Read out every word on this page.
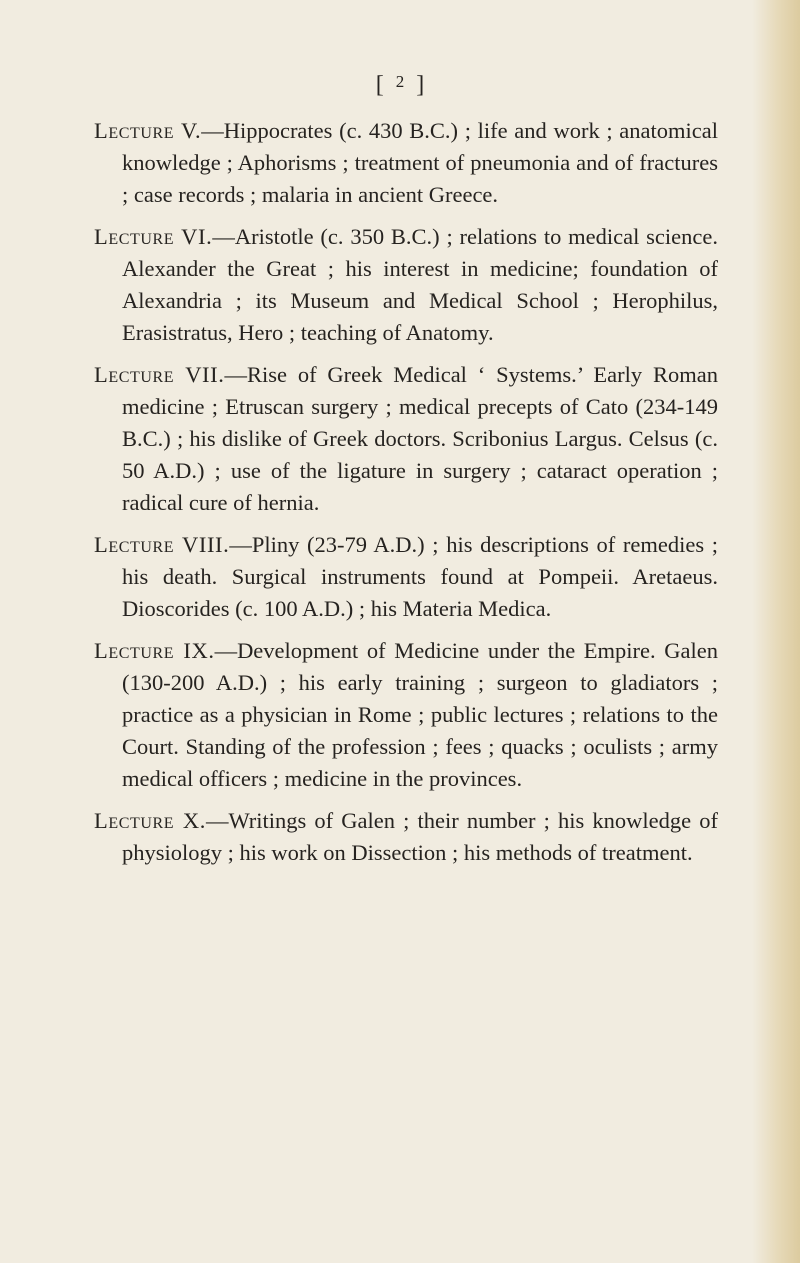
[ $^2$ ]
Lecture V.—Hippocrates (c. 430 B.C.) ; life and work ; anatomical knowledge ; Aphorisms ; treatment of pneumonia and of fractures ; case records ; malaria in ancient Greece.
Lecture VI.—Aristotle (c. 350 B.C.) ; relations to medical science. Alexander the Great ; his interest in medicine; foundation of Alexandria ; its Museum and Medical School ; Herophilus, Erasistratus, Hero ; teaching of Anatomy.
Lecture VII.—Rise of Greek Medical ‘ Systems.’ Early Roman medicine ; Etruscan surgery ; medical precepts of Cato (234-149 B.C.) ; his dislike of Greek doctors. Scribonius Largus. Celsus (c. 50 A.D.) ; use of the ligature in surgery ; cataract operation ; radical cure of hernia.
Lecture VIII.—Pliny (23-79 A.D.) ; his descriptions of remedies ; his death. Surgical instruments found at Pompeii. Aretaeus. Dioscorides (c. 100 A.D.) ; his Materia Medica.
Lecture IX.—Development of Medicine under the Empire. Galen (130-200 A.D.) ; his early training ; surgeon to gladiators ; practice as a physician in Rome ; public lectures ; relations to the Court. Standing of the profession ; fees ; quacks ; oculists ; army medical officers ; medicine in the provinces.
Lecture X.—Writings of Galen ; their number ; his knowledge of physiology ; his work on Dissection ; his methods of treatment.
